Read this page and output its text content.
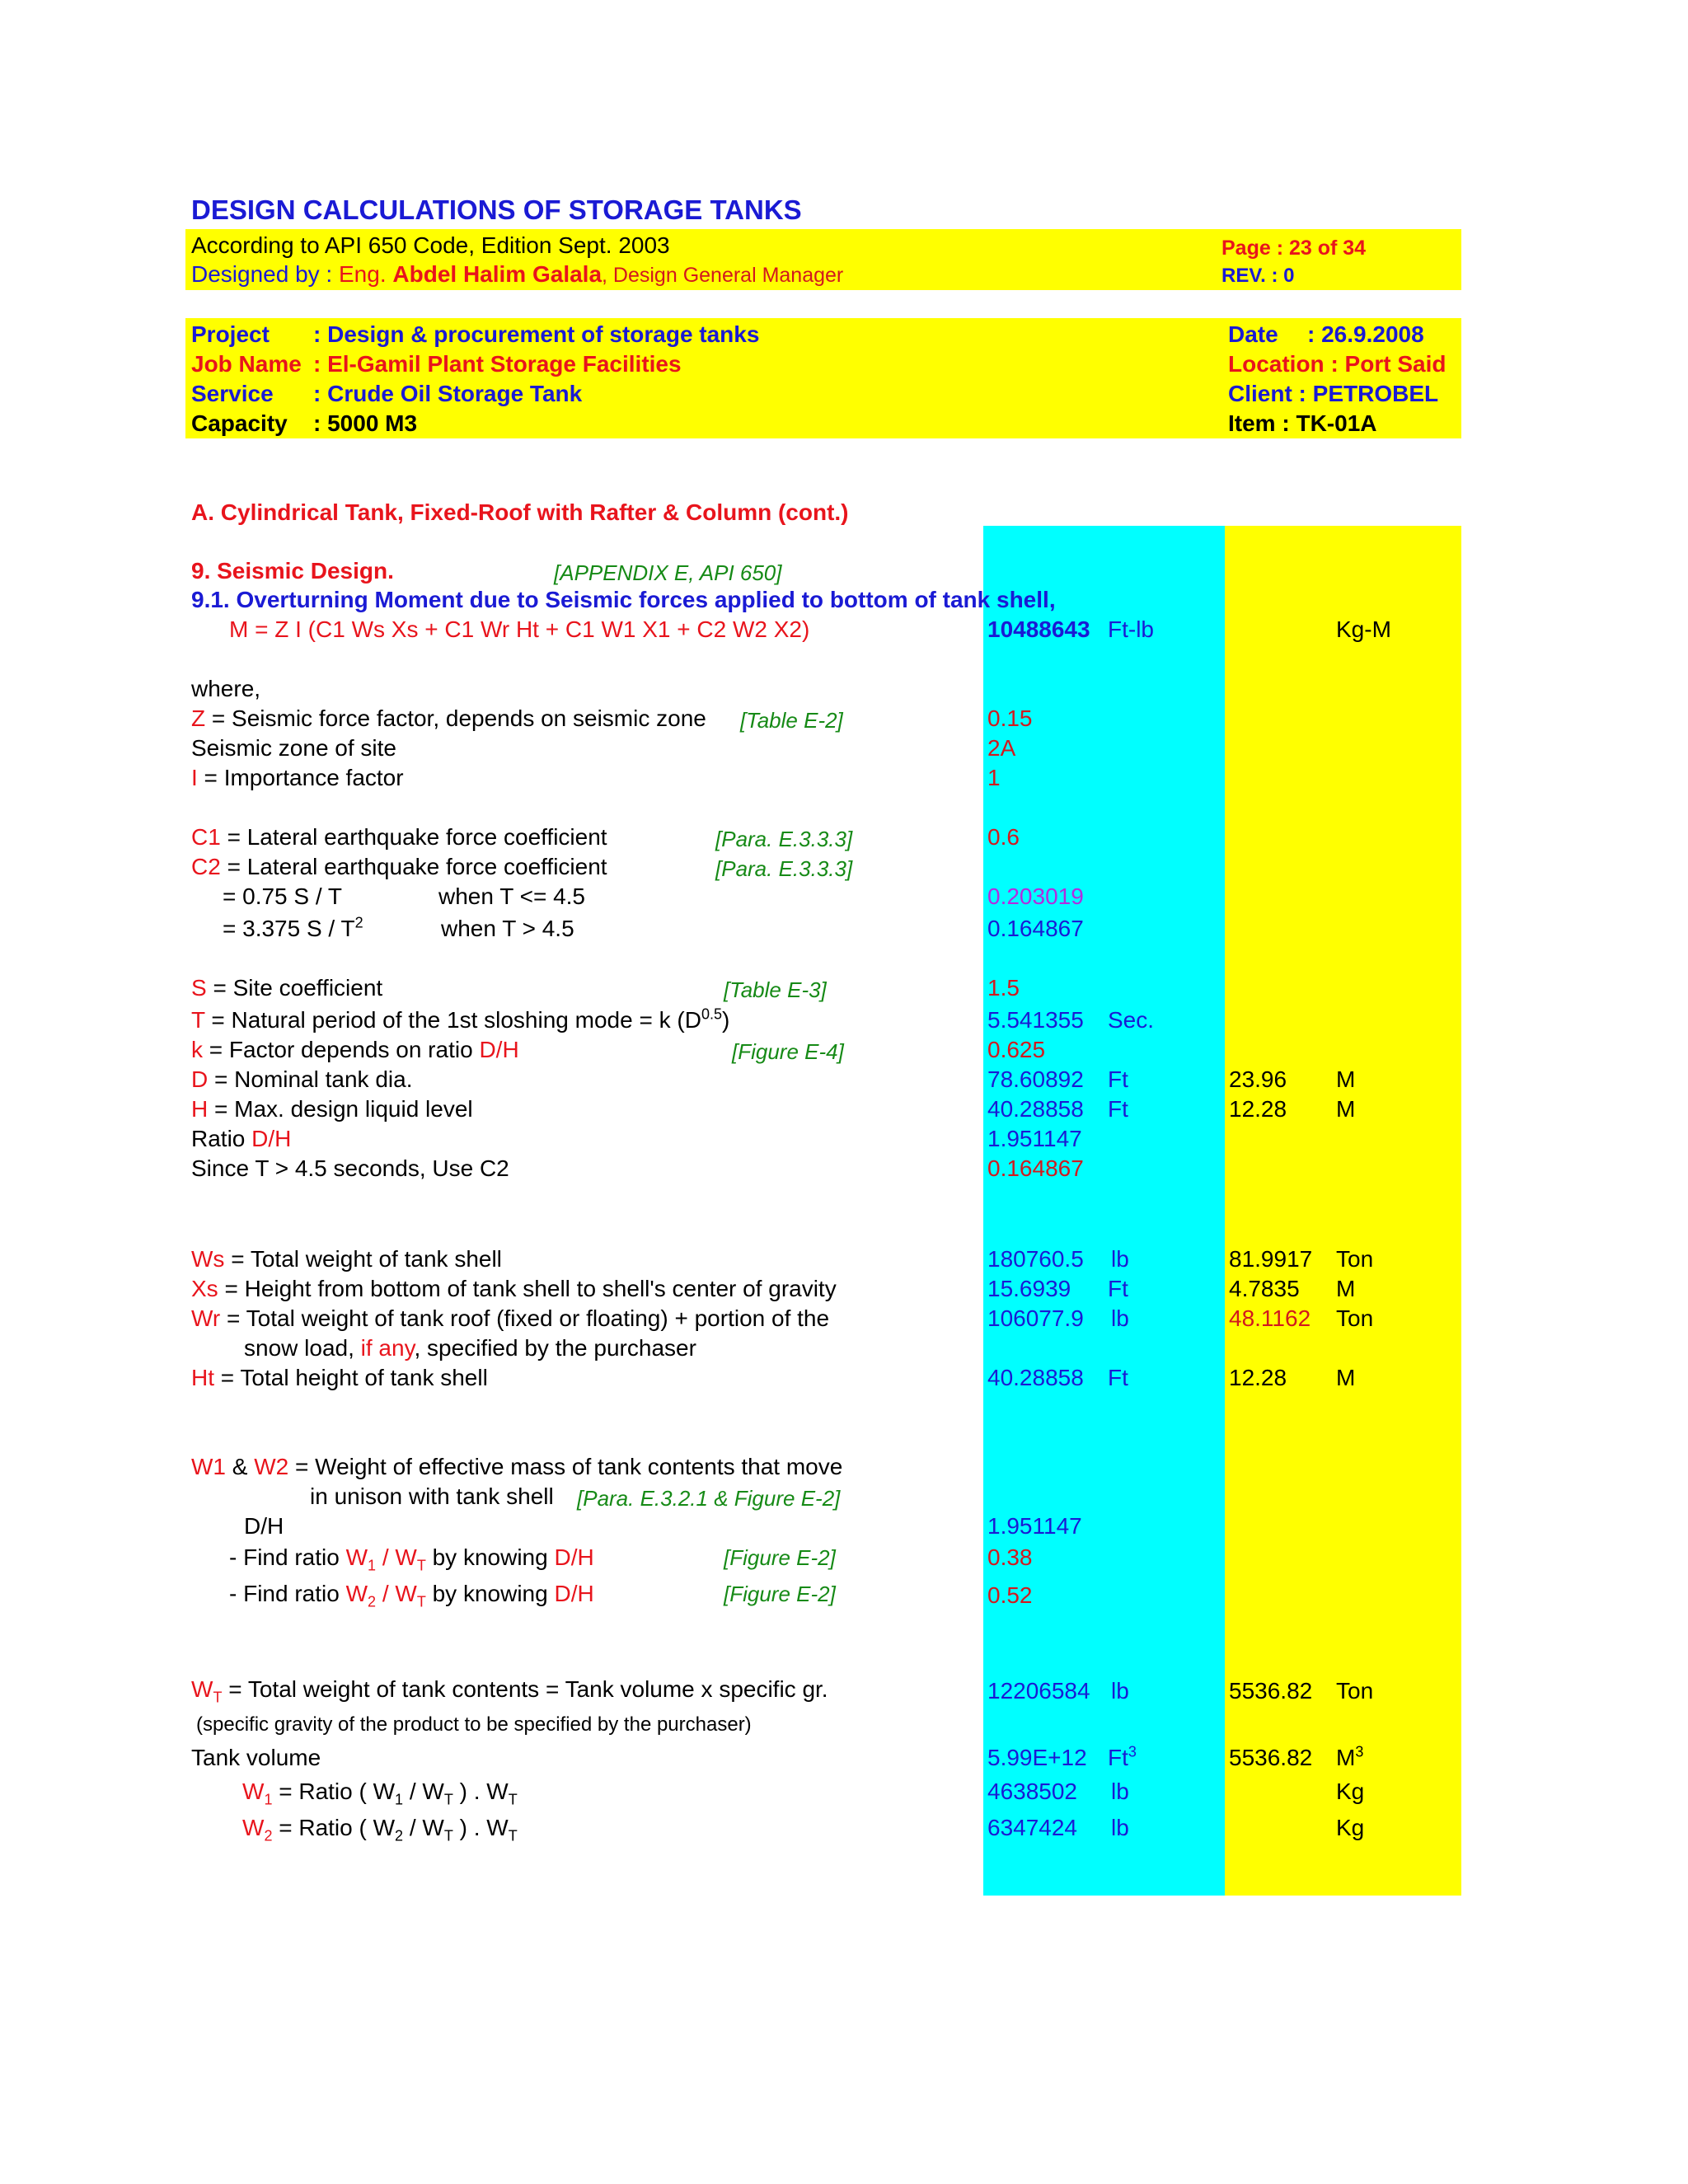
DESIGN CALCULATIONS OF STORAGE TANKS
According to API 650 Code, Edition Sept. 2003
Designed by : Eng. Abdel Halim Galala, Design General Manager
Page : 23 of 34
REV. : 0
Project : Design & procurement of storage tanks
Job Name : El-Gamil Plant Storage Facilities
Service : Crude Oil Storage Tank
Capacity : 5000 M3
Date : 26.9.2008
Location : Port Said
Client : PETROBEL
Item : TK-01A
A. Cylindrical Tank, Fixed-Roof with Rafter & Column (cont.)
9. Seismic Design.	[APPENDIX E, API 650]
9.1. Overturning Moment due to Seismic forces applied to bottom of tank shell,
M = Z I (C1 Ws Xs + C1 Wr Ht + C1 W1 X1 + C2 W2 X2)	10488643 Ft-lb	Kg-M
where,
Z = Seismic force factor, depends on seismic zone [Table E-2]	0.15
Seismic zone of site	2A
I = Importance factor	1
C1 = Lateral earthquake force coefficient	[Para. E.3.3.3]	0.6
C2 = Lateral earthquake force coefficient	[Para. E.3.3.3]
= 0.75 S / T	when T <= 4.5	0.203019
= 3.375 S / $T^2$	when T > 4.5	0.164867
S = Site coefficient	[Table E-3]	1.5
T = Natural period of the 1st sloshing mode = k $(D^{0.5})$	5.541355 Sec.
k = Factor depends on ratio D/H	[Figure E-4]	0.625
D = Nominal tank dia.	78.60892 Ft	23.96 M
H = Max. design liquid level	40.28858 Ft	12.28 M
Ratio D/H	1.951147
Since T > 4.5 seconds, Use C2	0.164867
Ws = Total weight of tank shell	180760.5 lb	81.9917 Ton
Xs = Height from bottom of tank shell to shell's center of gravity	15.6939 Ft	4.7835 M
Wr = Total weight of tank roof (fixed or floating) + portion of the	106077.9 lb	48.1162 Ton
snow load, if any, specified by the purchaser
Ht = Total height of tank shell	40.28858 Ft	12.28 M
W1 & W2 = Weight of effective mass of tank contents that move
in unison with tank shell [Para. E.3.2.1 & Figure E-2]
D/H	1.951147
- Find ratio $W_1 / W_T$ by knowing D/H	[Figure E-2]	0.38
- Find ratio $W_2 / W_T$ by knowing D/H	[Figure E-2]	0.52
$W_T$ = Total weight of tank contents = Tank volume x specific gr.	12206584 lb	5536.82 Ton
(specific gravity of the product to be specified by the purchaser)
Tank volume	5.99E+12 Ft$^3$	5536.82 $M^3$
$W_1$ = Ratio ( $W_1 / W_T$ ) . $W_T$	4638502 lb	Kg
$W_2$ = Ratio ( $W_2 / W_T$ ) . $W_T$	6347424 lb	Kg
